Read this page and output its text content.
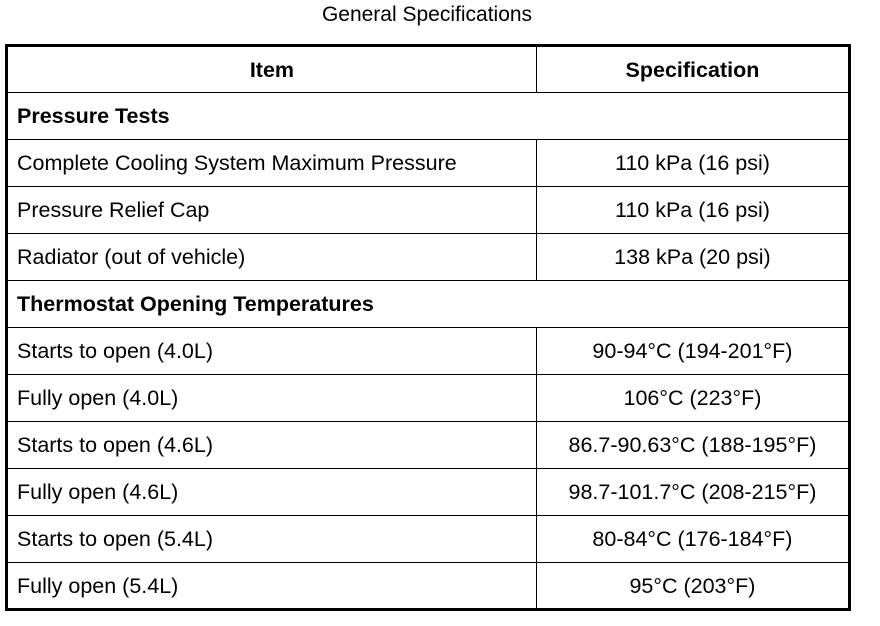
General Specifications
Item	Specification
Pressure Tests	
Complete Cooling System Maximum Pressure	110 kPa (16 psi)
Pressure Relief Cap	110 kPa (16 psi)
Radiator (out of vehicle)	138 kPa (20 psi)
Thermostat Opening Temperatures	
Starts to open (4.0L)	90-94°C (194-201°F)
Fully open (4.0L)	106°C (223°F)
Starts to open (4.6L)	86.7-90.63°C (188-195°F)
Fully open (4.6L)	98.7-101.7°C (208-215°F)
Starts to open (5.4L)	80-84°C (176-184°F)
Fully open (5.4L)	95°C (203°F)
